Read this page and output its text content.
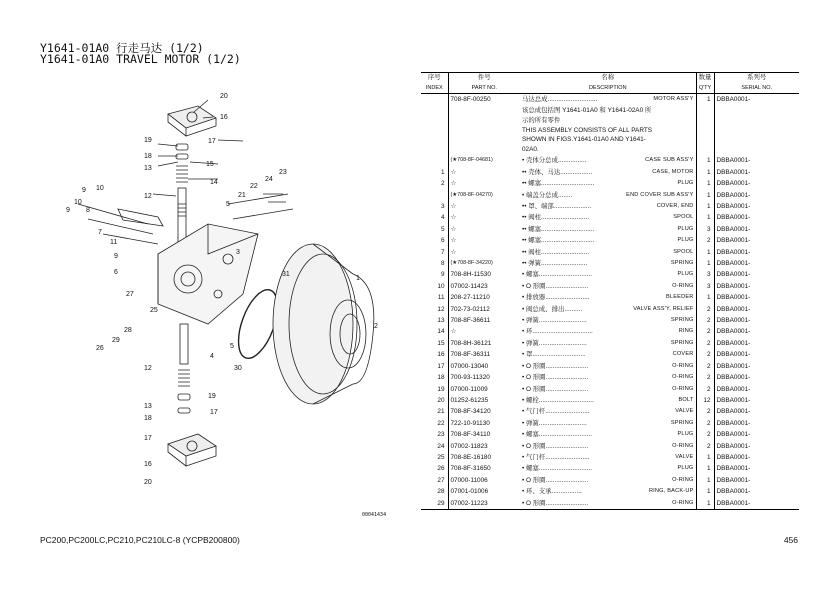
Y1641-01A0 行走马达 (1/2)
Y1641-01A0 TRAVEL MOTOR (1/2)
20
16
17
19
15
18
14
13
12
10
9
9
10
7
8
11
9
6
21
22
24
23
5
3
31
1
2
4
27
25
28
29
26
30
12
5
13
19
18
17
17
16
20
00041434
序号	件号	名称	数量	系列号
INDEX	PART NO.	DESCRIPTION	Q'TY	SERIAL NO.
	708-8F-00250	马达总成............................ MOTOR ASS'Y	1	DBBA0001-

		该总成包括图 Y1641-01A0 和 Y1641-02A0 所
示的所有零件
THIS ASSEMBLY CONSISTS OF ALL PARTS
SHOWN IN FIGS.Y1641-01A0 AND Y1641-
02A0.		

	(★708-8F-04681)	• 壳体分总成................ CASE SUB ASS'Y	1	DBBA0001-
1	☆	•• 壳体、马达.................. CASE, MOTOR	1	DBBA0001-
2	☆	•• 螺塞.............................. PLUG	1	DBBA0001-
	(★708-8F-04270)	• 端盖分总成........ END COVER SUB ASS'Y	1	DBBA0001-
3	☆	•• 罩、端部..................... COVER, END	1	DBBA0001-
4	☆	•• 阀柱........................... SPOOL	1	DBBA0001-
5	☆	•• 螺塞.............................. PLUG	3	DBBA0001-
6	☆	•• 螺塞.............................. PLUG	2	DBBA0001-
7	☆	•• 阀柱........................... SPOOL	1	DBBA0001-
8	(★708-8F-34220)	•• 弹簧.......................... SPRING	1	DBBA0001-
9	708-8H-11530	• 螺塞.............................. PLUG	3	DBBA0001-
10	07002-11423	• O 形圈........................ O-RING	3	DBBA0001-
11	208-27-11210	• 排放器......................... BLEEDER	1	DBBA0001-
12	702-73-02112	• 阀总成、排出.......... VALVE ASS'Y, RELIEF	2	DBBA0001-
13	708-8F-36611	• 弹簧........................... SPRING	2	DBBA0001-
14	☆	• 环.................................. RING	2	DBBA0001-
15	708-8H-36121	• 弹簧........................... SPRING	2	DBBA0001-
16	708-8F-36311	• 罩.............................. COVER	2	DBBA0001-
17	07000-13040	• O 形圈........................ O-RING	2	DBBA0001-
18	700-93-11320	• O 形圈........................ O-RING	2	DBBA0001-
19	07000-11009	• O 形圈........................ O-RING	2	DBBA0001-
20	01252-61235	• 螺栓............................... BOLT	12	DBBA0001-
21	708-8F-34120	• 气门杆......................... VALVE	2	DBBA0001-
22	722-10-91130	• 弹簧........................... SPRING	2	DBBA0001-
23	708-8F-34110	• 螺塞.............................. PLUG	2	DBBA0001-
24	07002-11823	• O 形圈........................ O-RING	2	DBBA0001-
25	708-8E-16180	• 气门杆......................... VALVE	1	DBBA0001-
26	708-8F-31650	• 螺塞.............................. PLUG	1	DBBA0001-
27	07000-11006	• O 形圈........................ O-RING	1	DBBA0001-
28	07001-01006	• 环、支承................. RING, BACK-UP	1	DBBA0001-
29	07002-11223	• O 形圈........................ O-RING	1	DBBA0001-
PC200,PC200LC,PC210,PC210LC-8 (YCPB200800)	456
